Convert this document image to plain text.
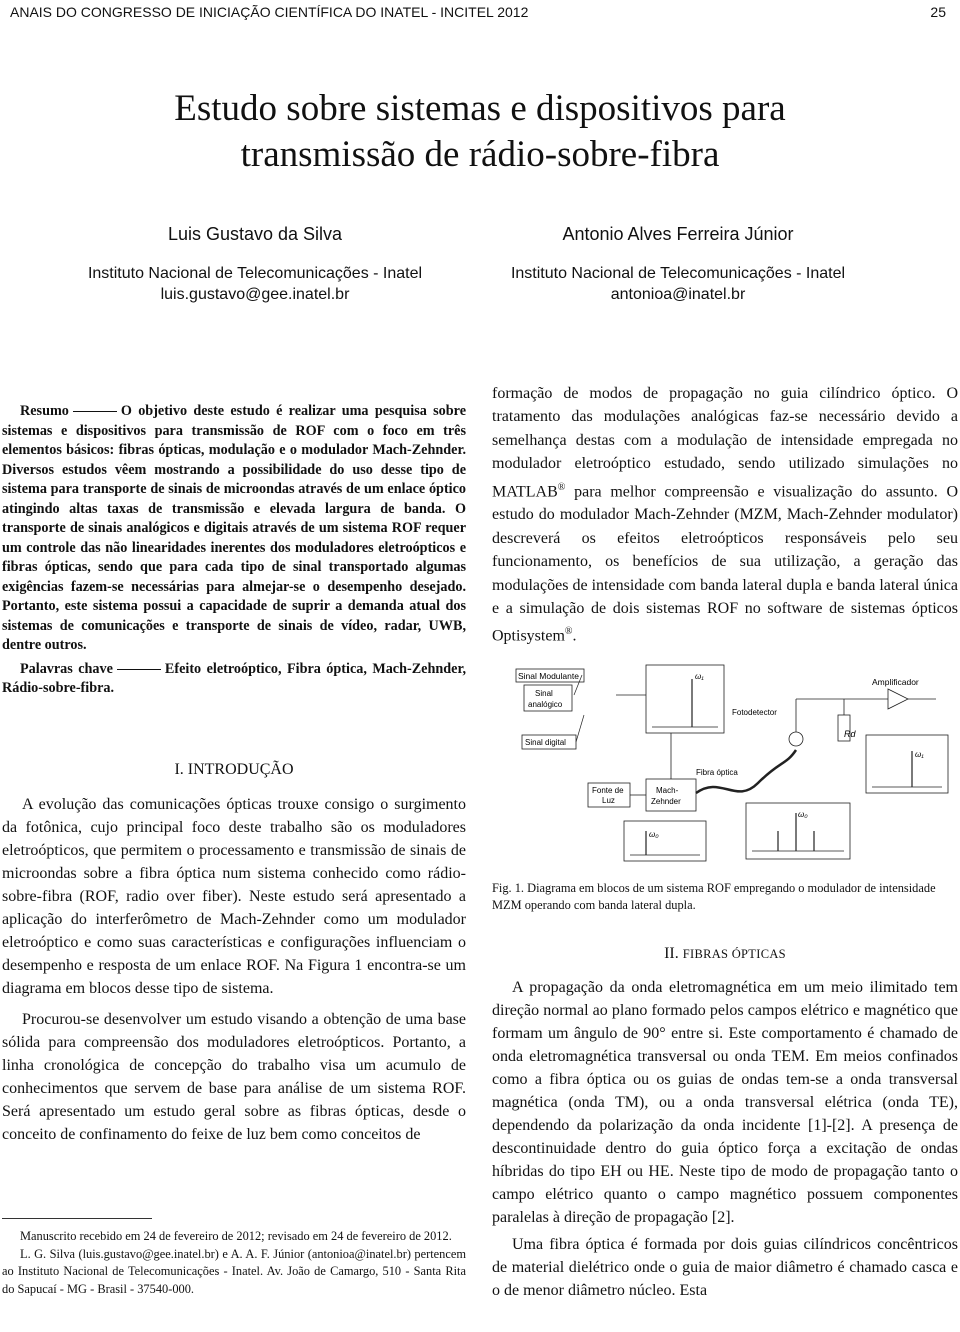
ANAIS DO CONGRESSO DE INICIAÇÃO CIENTÍFICA DO INATEL - INCITEL 2012	25
Estudo sobre sistemas e dispositivos para
transmissão de rádio-sobre-fibra
Luis Gustavo da Silva
Instituto Nacional de Telecomunicações - Inatel
luis.gustavo@gee.inatel.br
Antonio Alves Ferreira Júnior
Instituto Nacional de Telecomunicações - Inatel
antonioa@inatel.br

Resumo	O objetivo deste estudo é realizar uma pesquisa sobre sistemas e dispositivos para transmissão de ROF com o foco em três elementos básicos: fibras ópticas, modulação e o modulador Mach-Zehnder. Diversos estudos vêem mostrando a possibilidade do uso desse tipo de sistema para transporte de sinais de microondas através de um enlace óptico atingindo altas taxas de transmissão e elevada largura de banda. O transporte de sinais analógicos e digitais através de um sistema ROF requer um controle das não linearidades inerentes dos moduladores eletroópticos e fibras ópticas, sendo que para cada tipo de sinal transportado algumas exigências fazem-se necessárias para almejar-se o desempenho desejado. Portanto, este sistema possui a capacidade de suprir a demanda atual dos sistemas de comunicações e transporte de sinais de vídeo, radar, UWB, dentre outros.

Palavras chave	Efeito eletroóptico, Fibra óptica, Mach-Zehnder, Rádio-sobre-fibra.

I. INTRODUÇÃO

A evolução das comunicações ópticas trouxe consigo o surgimento da fotônica, cujo principal foco deste trabalho são os moduladores eletroópticos, que permitem o processamento e transmissão de sinais de microondas sobre a fibra óptica num sistema conhecido como rádio-sobre-fibra (ROF, radio over fiber). Neste estudo será apresentado a aplicação do interferômetro de Mach-Zehnder como um modulador eletroóptico e como suas características e configurações influenciam o desempenho e resposta de um enlace ROF. Na Figura 1 encontra-se um diagrama em blocos desse tipo de sistema.

Procurou-se desenvolver um estudo visando a obtenção de uma base sólida para compreensão dos moduladores eletroópticos. Portanto, a linha cronológica de concepção do trabalho visa um acumulo de conhecimentos que servem de base para análise de um sistema ROF. Será apresentado um estudo geral sobre as fibras ópticas, desde o conceito de confinamento do feixe de luz bem como conceitos de

Manuscrito recebido em 24 de fevereiro de 2012; revisado em 24 de fevereiro de 2012.

L. G. Silva (luis.gustavo@gee.inatel.br) e A. A. F. Júnior (antonioa@inatel.br) pertencem ao Instituto Nacional de Telecomunicações - Inatel. Av. João de Camargo, 510 - Santa Rita do Sapucaí - MG - Brasil - 37540-000.

formação de modos de propagação no guia cilíndrico óptico. O tratamento das modulações analógicas faz-se necessário devido a semelhança destas com a modulação de intensidade empregada no modulador eletroóptico estudado, sendo utilizado simulações no MATLAB® para melhor compreensão e visualização do assunto. O estudo do modulador Mach-Zehnder (MZM, Mach-Zehnder modulator) descreverá os efeitos eletroópticos responsáveis pelo seu funcionamento, os benefícios de sua utilização, a geração das modulações de intensidade com banda lateral dupla e banda lateral única e a simulação de dois sistemas ROF no software de sistemas ópticos Optisystem®.

Sinal Modulante
Sinal
analógico
Sinal digital
ω₁
Fonte de
Luz
Mach-
Zehnder
Fibra óptica
ω₀
ω₀
Fotodetector
Amplificador
Rd
ω₁
Fig. 1. Diagrama em blocos de um sistema ROF empregando o modulador de intensidade MZM operando com banda lateral dupla.
II. FIBRAS ÓPTICAS

A propagação da onda eletromagnética em um meio ilimitado tem direção normal ao plano formado pelos campos elétrico e magnético que formam um ângulo de 90° entre si. Este comportamento é chamado de onda eletromagnética transversal ou onda TEM. Em meios confinados como a fibra óptica ou os guias de ondas tem-se a onda transversal magnética (onda TM), ou a onda transversal elétrica (onda TE), dependendo da polarização da onda incidente [1]-[2]. A presença de descontinuidade dentro do guia óptico força a excitação de ondas híbridas do tipo EH ou HE. Neste tipo de modo de propagação tanto o campo elétrico quanto o campo magnético possuem componentes paralelas à direção de propagação [2].

Uma fibra óptica é formada por dois guias cilíndricos concêntricos de material dielétrico onde o guia de maior diâmetro é chamado casca e o de menor diâmetro núcleo. Esta
